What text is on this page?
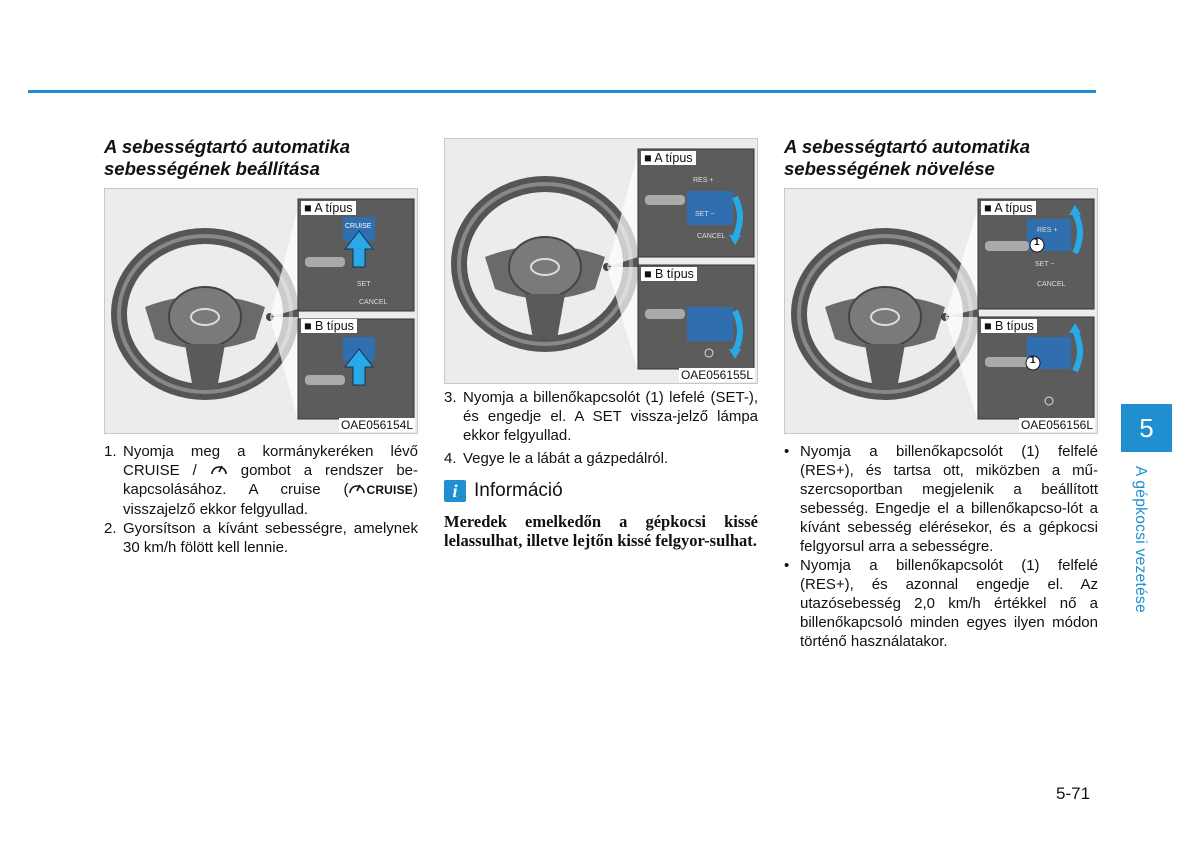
A sebességtartó automatika
sebességének beállítása
■ A típus
■ B típus
CRUISE
SET
CANCEL
OAE056154L
1. Nyomja meg a kormánykeréken lévő CRUISE /	gombot a rendszer be-kapcsolásához. A cruise ( CRUISE) visszajelző ekkor felgyullad.
2. Gyorsítson a kívánt sebességre, amelynek 30 km/h fölött kell lennie.
■ A típus
■ B típus
RES +
SET −
CANCEL
OAE056155L
3. Nyomja a billenőkapcsolót (1) lefelé (SET-), és engedje el. A SET vissza-jelző lámpa ekkor felgyullad.
4. Vegye le a lábát a gázpedálról.
i Információ
Meredek emelkedőn a gépkocsi kissé lelassulhat, illetve lejtőn kissé felgyor-sulhat.
A sebességtartó automatika
sebességének növelése
■ A típus
■ B típus
1
1
RES +
SET −
CANCEL
OAE056156L
• Nyomja a billenőkapcsolót (1) felfelé (RES+), és tartsa ott, miközben a mű-szercsoportban megjelenik a beállított sebesség. Engedje el a billenőkapcso-lót a kívánt sebesség elérésekor, és a gépkocsi felgyorsul arra a sebességre.
• Nyomja a billenőkapcsolót (1) felfelé (RES+), és azonnal engedje el. Az utazósebesség 2,0 km/h értékkel nő a billenőkapcsoló minden egyes ilyen módon történő használatakor.
5
A gépkocsi vezetése
5-71
